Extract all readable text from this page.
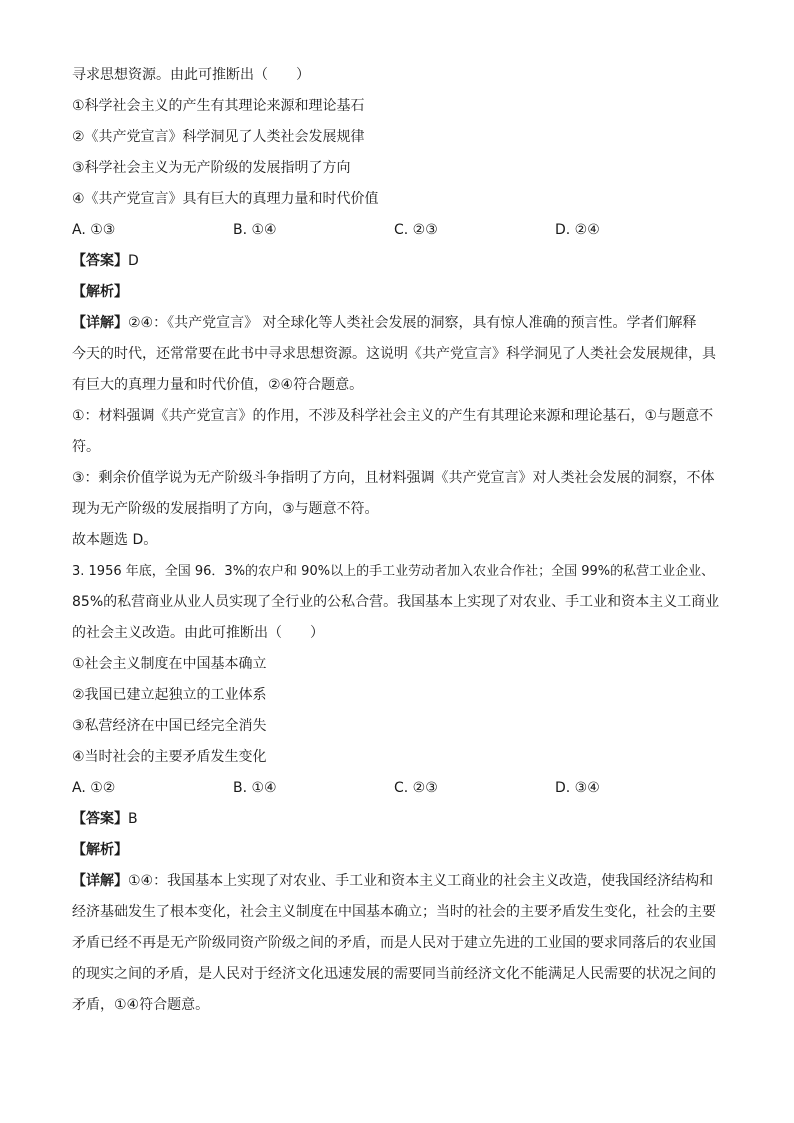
寻求思想资源。由此可推断出（　　）
①科学社会主义的产生有其理论来源和理论基石
②《共产党宣言》科学洞见了人类社会发展规律
③科学社会主义为无产阶级的发展指明了方向
④《共产党宣言》具有巨大的真理力量和时代价值
A. ①③	B. ①④	C. ②③	D. ②④
【答案】D
【解析】
【详解】②④：《共产党宣言》 对全球化等人类社会发展的洞察，具有惊人准确的预言性。学者们解释
今天的时代，还常常要在此书中寻求思想资源。这说明《共产党宣言》科学洞见了人类社会发展规律，具
有巨大的真理力量和时代价值，②④符合题意。
①：材料强调《共产党宣言》的作用，不涉及科学社会主义的产生有其理论来源和理论基石，①与题意不
符。
③：剩余价值学说为无产阶级斗争指明了方向，且材料强调《共产党宣言》对人类社会发展的洞察，不体
现为无产阶级的发展指明了方向，③与题意不符。
故本题选 D。
3. 1956 年底，全国 96．3%的农户和 90%以上的手工业劳动者加入农业合作社；全国 99%的私营工业企业、
85%的私营商业从业人员实现了全行业的公私合营。我国基本上实现了对农业、手工业和资本主义工商业
的社会主义改造。由此可推断出（　　）
①社会主义制度在中国基本确立
②我国已建立起独立的工业体系
③私营经济在中国已经完全消失
④当时社会的主要矛盾发生变化
A. ①②	B. ①④	C. ②③	D. ③④
【答案】B
【解析】
【详解】①④：我国基本上实现了对农业、手工业和资本主义工商业的社会主义改造，使我国经济结构和
经济基础发生了根本变化，社会主义制度在中国基本确立；当时的社会的主要矛盾发生变化，社会的主要
矛盾已经不再是无产阶级同资产阶级之间的矛盾，而是人民对于建立先进的工业国的要求同落后的农业国
的现实之间的矛盾，是人民对于经济文化迅速发展的需要同当前经济文化不能满足人民需要的状况之间的
矛盾，①④符合题意。
